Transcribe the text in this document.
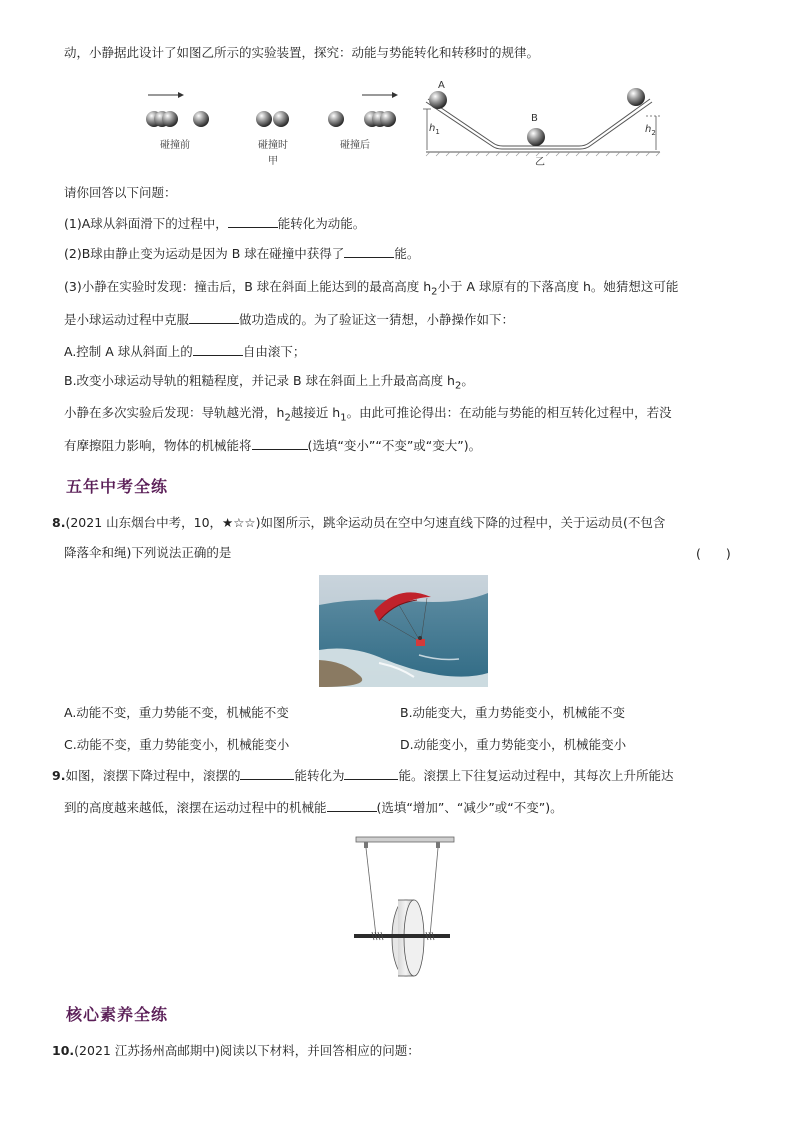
动，小静据此设计了如图乙所示的实验装置，探究：动能与势能转化和转移时的规律。
碰撞前	碰撞时
甲
碰撞后
A
B
$h_1$	$h_2$
乙
请你回答以下问题：
(1)A球从斜面滑下的过程中，	能转化为动能。
(2)B球由静止变为运动是因为 B 球在碰撞中获得了	能。
(3)小静在实验时发现：撞击后，B 球在斜面上能达到的最高高度 $h_2$小于 A 球原有的下落高度 h。她猜想这可能
是小球运动过程中克服	做功造成的。为了验证这一猜想，小静操作如下：
A.控制 A 球从斜面上的	自由滚下；
B.改变小球运动导轨的粗糙程度，并记录 B 球在斜面上上升最高高度 $h_2$。
小静在多次实验后发现：导轨越光滑，$h_2$越接近 $h_1$。由此可推论得出：在动能与势能的相互转化过程中，若没
有摩擦阻力影响，物体的机械能将	(选填“变小”“不变”或“变大”)。
五年中考全练
8.(2021 山东烟台中考，10，★☆☆)如图所示，跳伞运动员在空中匀速直线下降的过程中，关于运动员(不包含
降落伞和绳)下列说法正确的是	(　　)
A.动能不变，重力势能不变，机械能不变	B.动能变大，重力势能变小，机械能不变
C.动能不变，重力势能变小，机械能变小	D.动能变小，重力势能变小，机械能变小
9.如图，滚摆下降过程中，滚摆的	能转化为	能。滚摆上下往复运动过程中，其每次上升所能达
到的高度越来越低，滚摆在运动过程中的机械能	(选填“增加”、“减少”或“不变”)。
核心素养全练
10.(2021 江苏扬州高邮期中)阅读以下材料，并回答相应的问题：
